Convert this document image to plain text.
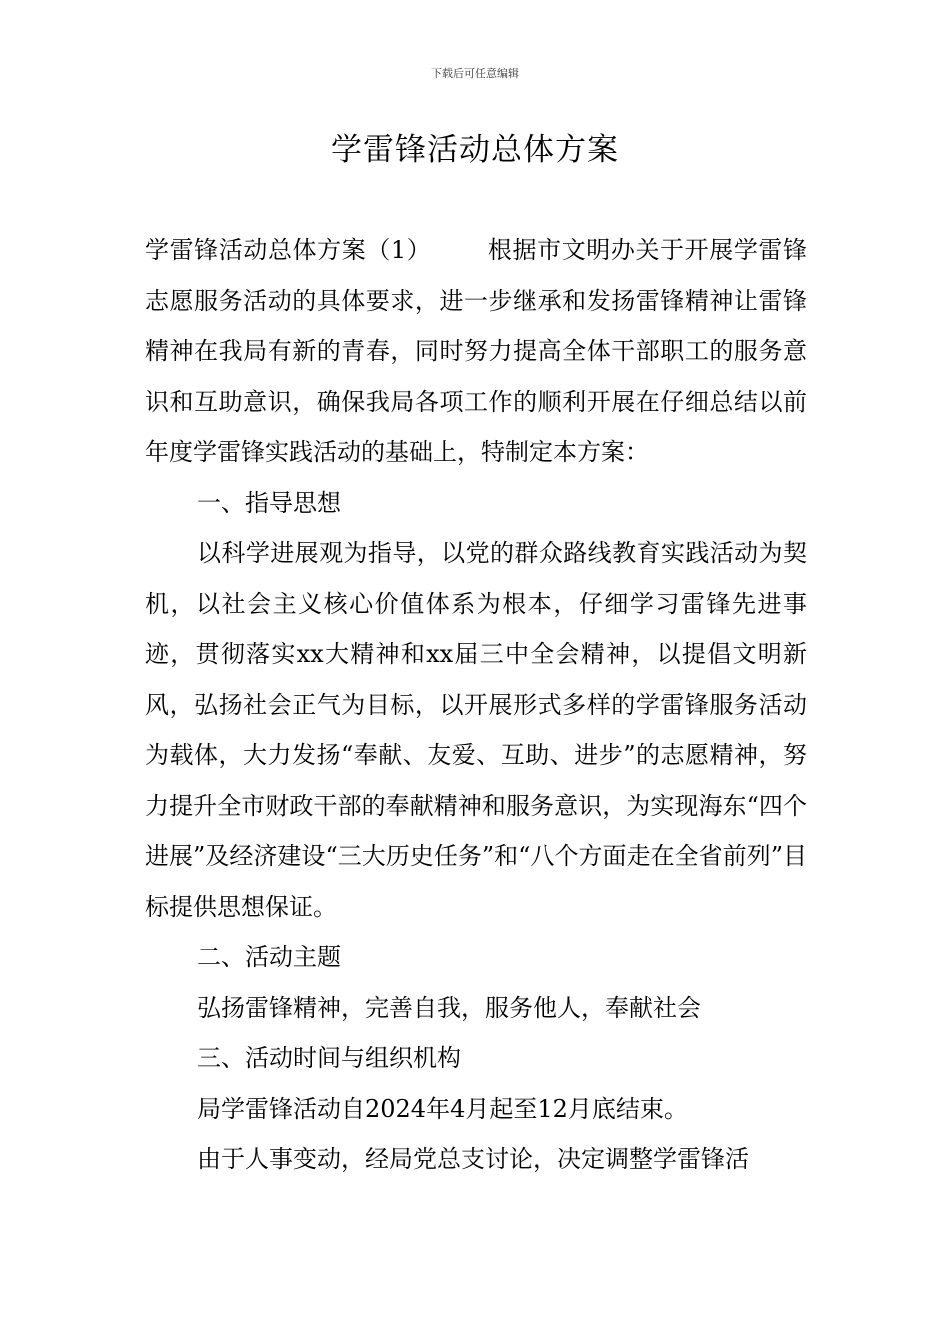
下载后可任意编辑
学雷锋活动总体方案

学雷锋活动总体方案（1） 根据市文明办关于开展学雷锋志愿服务活动的具体要求，进一步继承和发扬雷锋精神让雷锋精神在我局有新的青春，同时努力提高全体干部职工的服务意识和互助意识，确保我局各项工作的顺利开展在仔细总结以前年度学雷锋实践活动的基础上，特制定本方案：

一、指导思想

以科学进展观为指导，以党的群众路线教育实践活动为契机，以社会主义核心价值体系为根本，仔细学习雷锋先进事迹，贯彻落实xx大精神和xx届三中全会精神，以提倡文明新风，弘扬社会正气为目标，以开展形式多样的学雷锋服务活动为载体，大力发扬“奉献、友爱、互助、进步”的志愿精神，努力提升全市财政干部的奉献精神和服务意识，为实现海东“四个进展”及经济建设“三大历史任务”和“八个方面走在全省前列”目标提供思想保证。

二、活动主题

弘扬雷锋精神，完善自我，服务他人，奉献社会

三、活动时间与组织机构

局学雷锋活动自2024年4月起至12月底结束。

由于人事变动，经局党总支讨论，决定调整学雷锋活
